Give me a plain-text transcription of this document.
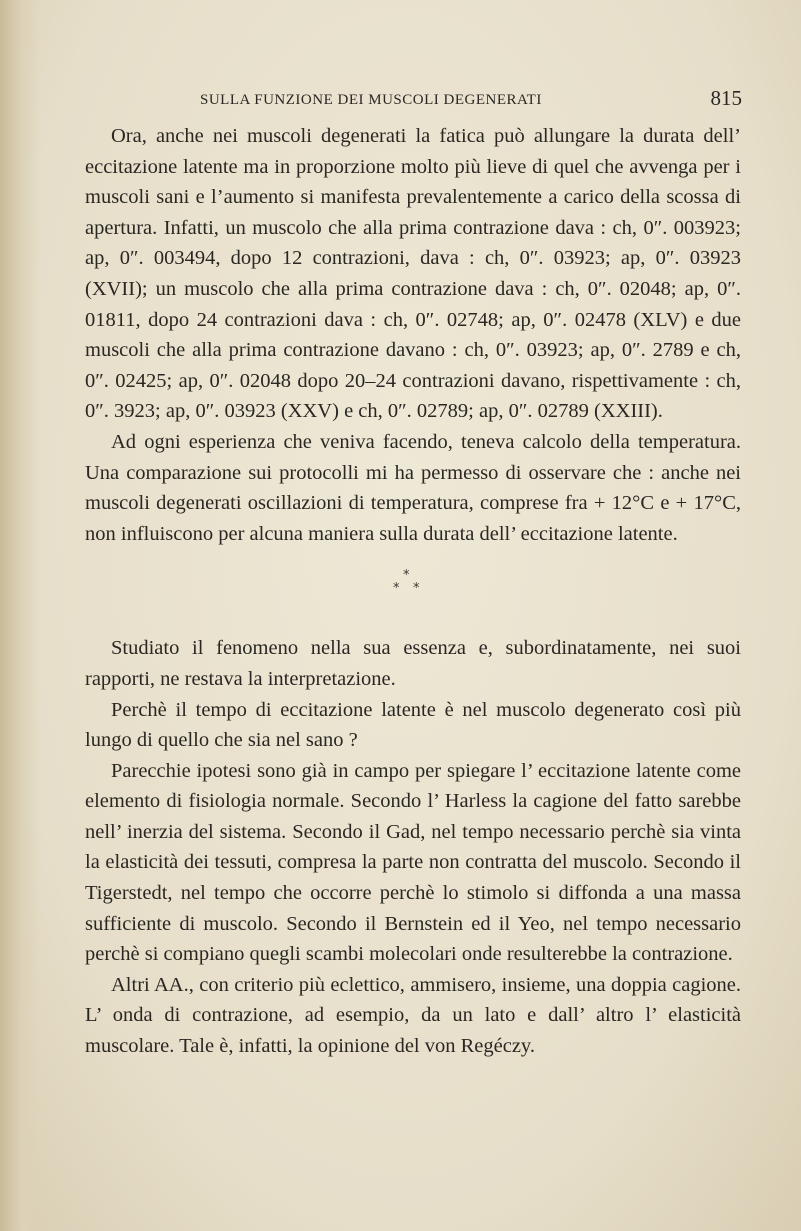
SULLA FUNZIONE DEI MUSCOLI DEGENERATI	815

Ora, anche nei muscoli degenerati la fatica può allungare la durata dell’ eccitazione latente ma in proporzione molto più lieve di quel che avvenga per i muscoli sani e l’aumento si manifesta prevalentemente a carico della scossa di apertura. Infatti, un muscolo che alla prima contrazione dava : ch, 0″. 003923; ap, 0″. 003494, dopo 12 contrazioni, dava : ch, 0″. 03923; ap, 0″. 03923 (XVII); un muscolo che alla prima contrazione dava : ch, 0″. 02048; ap, 0″. 01811, dopo 24 contrazioni dava : ch, 0″. 02748; ap, 0″. 02478 (XLV) e due muscoli che alla prima contrazione davano : ch, 0″. 03923; ap, 0″. 2789 e ch, 0″. 02425; ap, 0″. 02048 dopo 20–24 contrazioni davano, rispettivamente : ch, 0″. 3923; ap, 0″. 03923 (XXV) e ch, 0″. 02789; ap, 0″. 02789 (XXIII).

Ad ogni esperienza che veniva facendo, teneva calcolo della temperatura. Una comparazione sui protocolli mi ha permesso di osservare che : anche nei muscoli degenerati oscillazioni di temperatura, comprese fra + 12°C e + 17°C, non influiscono per alcuna maniera sulla durata dell’ eccitazione latente.

*
* *

Studiato il fenomeno nella sua essenza e, subordinatamente, nei suoi rapporti, ne restava la interpretazione.

Perchè il tempo di eccitazione latente è nel muscolo degenerato così più lungo di quello che sia nel sano ?

Parecchie ipotesi sono già in campo per spiegare l’ eccitazione latente come elemento di fisiologia normale. Secondo l’ Harless la cagione del fatto sarebbe nell’ inerzia del sistema. Secondo il Gad, nel tempo necessario perchè sia vinta la elasticità dei tessuti, compresa la parte non contratta del muscolo. Secondo il Tigerstedt, nel tempo che occorre perchè lo stimolo si diffonda a una massa sufficiente di muscolo. Secondo il Bernstein ed il Yeo, nel tempo necessario perchè si compiano quegli scambi molecolari onde resulterebbe la contrazione.

Altri AA., con criterio più eclettico, ammisero, insieme, una doppia cagione. L’ onda di contrazione, ad esempio, da un lato e dall’ altro l’ elasticità muscolare. Tale è, infatti, la opinione del von Regéczy.
